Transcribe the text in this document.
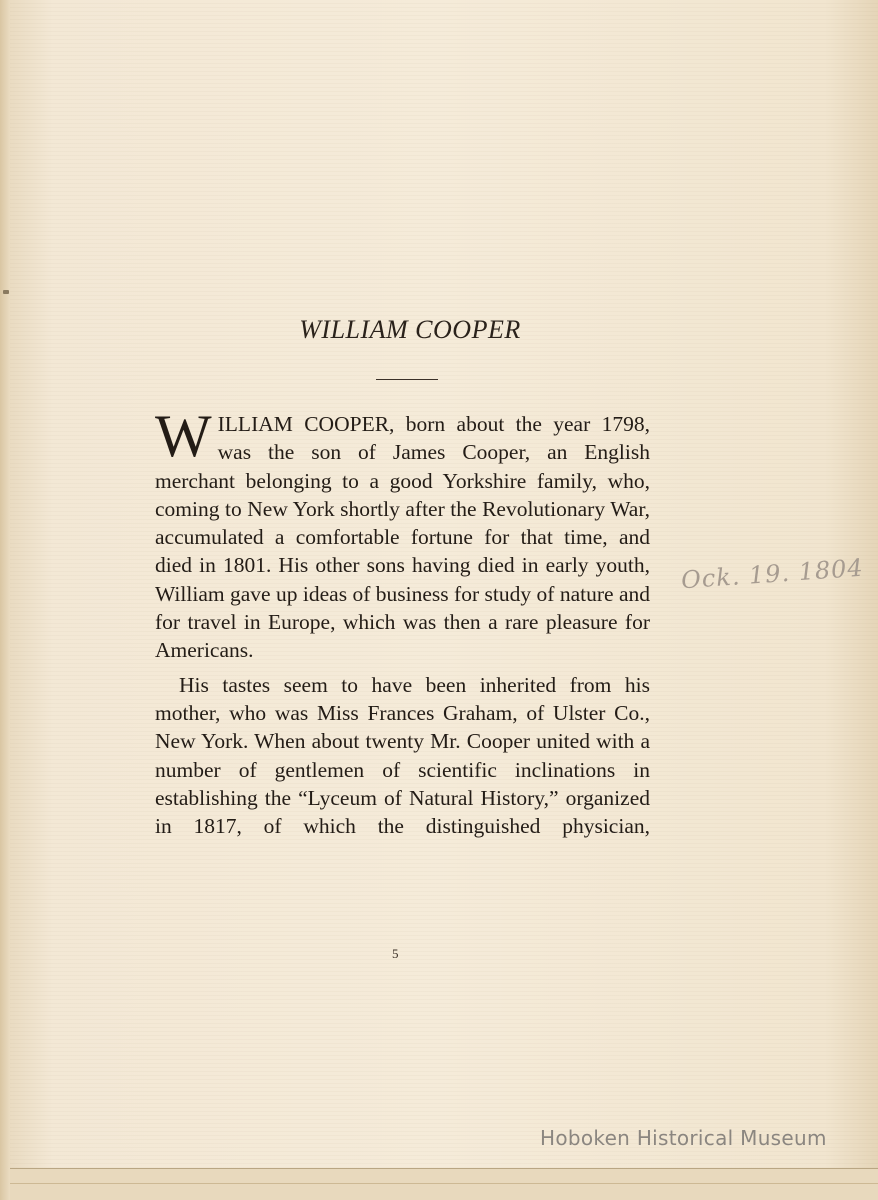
WILLIAM COOPER

WILLIAM COOPER, born about the year 1798, was the son of James Cooper, an English merchant belonging to a good Yorkshire family, who, coming to New York shortly after the Revolutionary War, accumulated a comfortable fortune for that time, and died in 1801. His other sons having died in early youth, William gave up ideas of business for study of nature and for travel in Europe, which was then a rare pleasure for Americans.

His tastes seem to have been inherited from his mother, who was Miss Frances Graham, of Ulster Co., New York. When about twenty Mr. Cooper united with a number of gentlemen of scientific inclinations in establishing the “Lyceum of Natural History,” organized in 1817, of which the distinguished physician,

5
Ock. 19. 1804
Hoboken Historical Museum
